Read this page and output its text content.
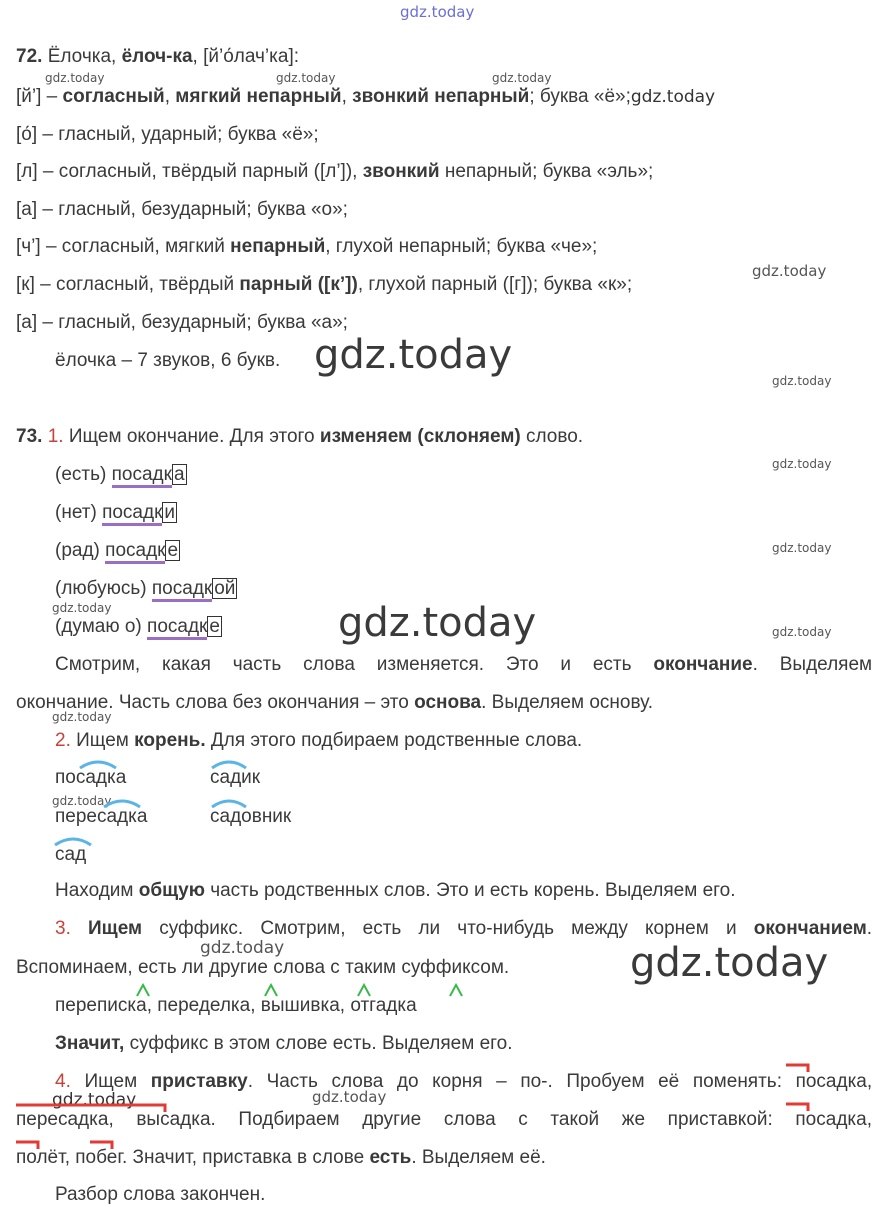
gdz.today
72. Ёлочка, ёлоч-ка, [й’о́лач’ка]:
gdz.today	gdz.today	gdz.today
[й’] – согласный, мягкий непарный, звонкий непарный; буква «ё»;gdz.today
[о́] – гласный, ударный; буква «ё»;
[л] – согласный, твёрдый парный ([л’]), звонкий непарный; буква «эль»;
[а] – гласный, безударный; буква «о»;
[ч’] – согласный, мягкий непарный, глухой непарный; буква «че»;
gdz.today
[к] – согласный, твёрдый парный ([к’]), глухой парный ([г]); буква «к»;
[а] – гласный, безударный; буква «а»;
ёлочка – 7 звуков, 6 букв. gdz.today
gdz.today
73. 1. Ищем окончание. Для этого изменяем (склоняем) слово.
gdz.today
(есть) посадк а
(нет) посадк и
(рад) посадк е	gdz.today
(любуюсь) посадк ой
gdz.today
(думаю о) посадк е	gdz.today	gdz.today
Смотрим, какая часть слова изменяется. Это и есть окончание. Выделяем
окончание. Часть слова без окончания – это основа. Выделяем основу.
gdz.today
2. Ищем корень. Для этого подбираем родственные слова.
посадка	садик
gdz.today
пересадка	садовник
сад
Находим общую часть родственных слов. Это и есть корень. Выделяем его.
3. Ищем суффикс. Смотрим, есть ли что-нибудь между корнем и окончанием.
gdz.today
Вспоминаем, есть ли другие слова с таким суффиксом.	gdz.today
переписка, переделка, вышивка, отгадка
Значит, суффикс в этом слове есть. Выделяем его.
4. Ищем приставку. Часть слова до корня – по-. Пробуем её поменять: посадка,
gdz.today	gdz.today
пересадка, высадка. Подбираем другие слова с такой же приставкой: посадка,
полёт, побег. Значит, приставка в слове есть. Выделяем её.
Разбор слова закончен.
